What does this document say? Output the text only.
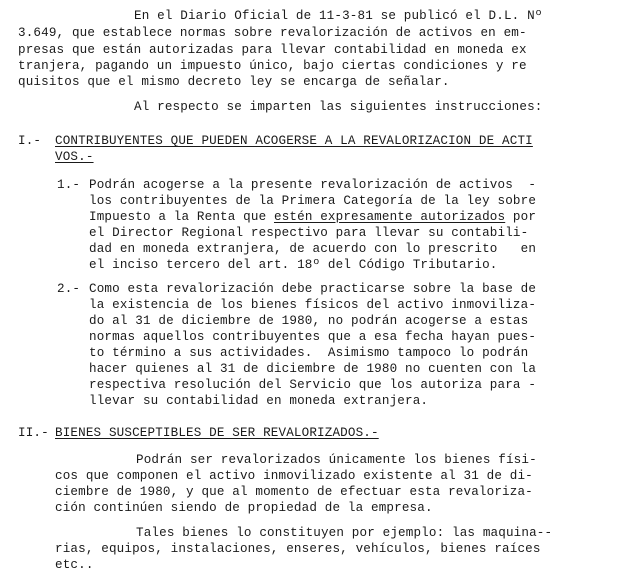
En el Diario Oficial de 11-3-81 se publicó el D.L. Nº
3.649, que establece normas sobre revalorización de activos en em-
presas que están autorizadas para llevar contabilidad en moneda ex
tranjera, pagando un impuesto único, bajo ciertas condiciones y re
quisitos que el mismo decreto ley se encarga de señalar.
Al respecto se imparten las siguientes instrucciones:
I.- CONTRIBUYENTES QUE PUEDEN ACOGERSE A LA REVALORIZACION DE ACTI
VOS.-
1.- Podrán acogerse a la presente revalorización de activos  -
los contribuyentes de la Primera Categoría de la ley sobre
Impuesto a la Renta que estén expresamente autorizados por
el Director Regional respectivo para llevar su contabili-
dad en moneda extranjera, de acuerdo con lo prescrito   en
el inciso tercero del art. 18º del Código Tributario.
2.- Como esta revalorización debe practicarse sobre la base de
la existencia de los bienes físicos del activo inmoviliza-
do al 31 de diciembre de 1980, no podrán acogerse a estas
normas aquellos contribuyentes que a esa fecha hayan pues-
to término a sus actividades.  Asimismo tampoco lo podrán
hacer quienes al 31 de diciembre de 1980 no cuenten con la
respectiva resolución del Servicio que los autoriza para -
llevar su contabilidad en moneda extranjera.
II.- BIENES SUSCEPTIBLES DE SER REVALORIZADOS.-
Podrán ser revalorizados únicamente los bienes físi-
cos que componen el activo inmovilizado existente al 31 de di-
ciembre de 1980, y que al momento de efectuar esta revaloriza-
ción continúen siendo de propiedad de la empresa.
Tales bienes lo constituyen por ejemplo: las maquina--
rias, equipos, instalaciones, enseres, vehículos, bienes raíces
etc..
